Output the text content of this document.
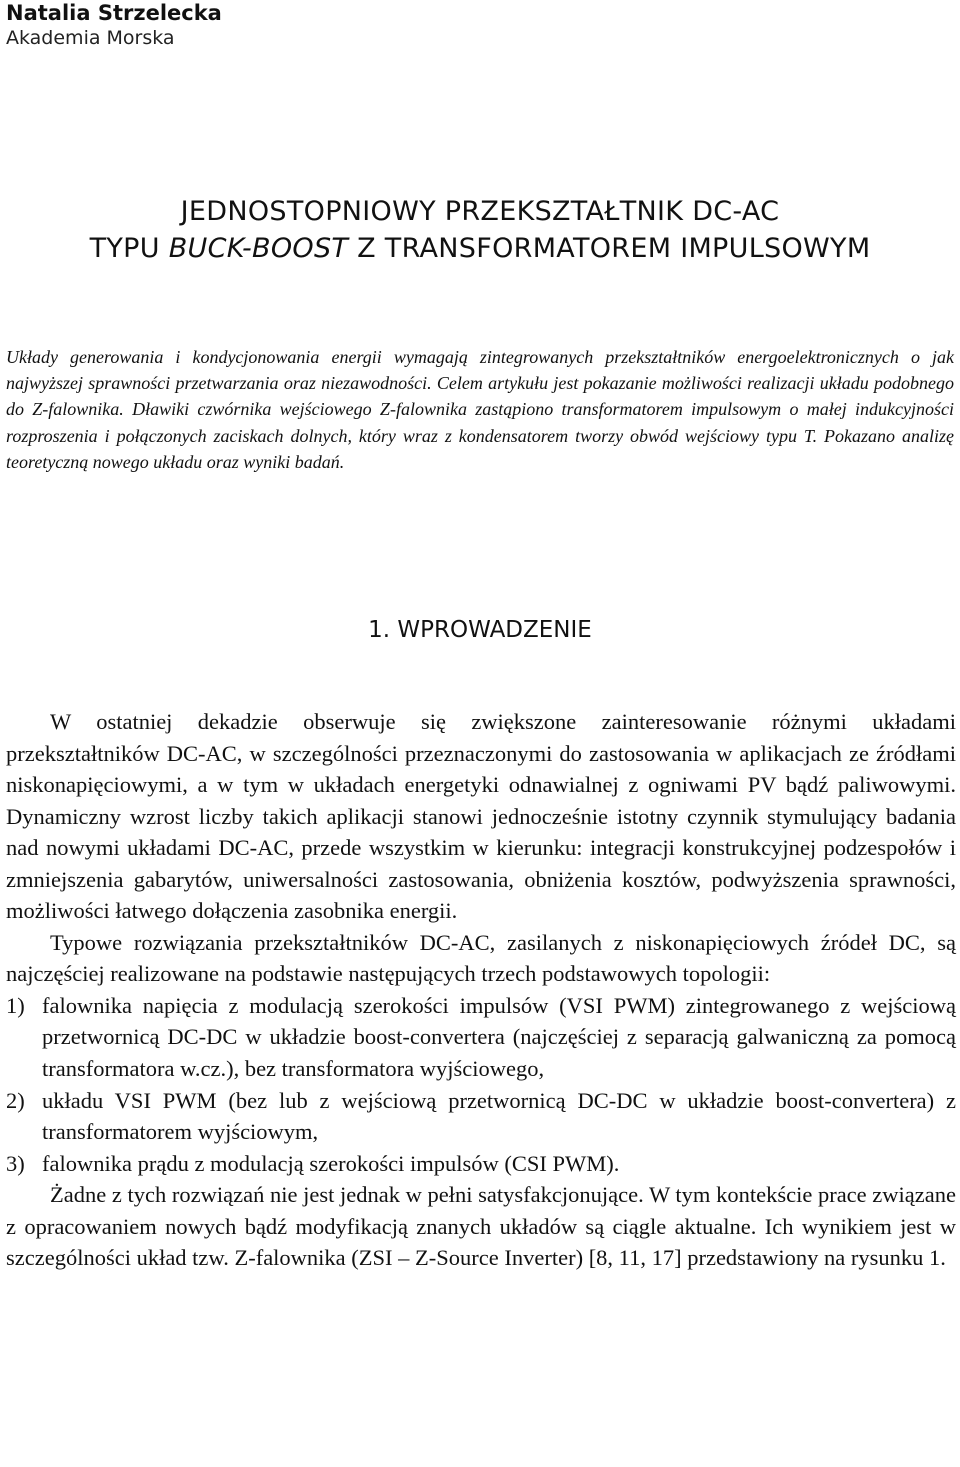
Natalia Strzelecka
Akademia Morska
JEDNOSTOPNIOWY PRZEKSZTAŁTNIK DC-AC
TYPU BUCK-BOOST Z TRANSFORMATOREM IMPULSOWYM
Układy generowania i kondycjonowania energii wymagają zintegrowanych przekształtników energoelektronicznych o jak najwyższej sprawności przetwarzania oraz niezawodności. Celem artykułu jest pokazanie możliwości realizacji układu podobnego do Z-falownika. Dławiki czwórnika wejściowego Z-falownika zastąpiono transformatorem impulsowym o małej indukcyjności rozproszenia i połączonych zaciskach dolnych, który wraz z kondensatorem tworzy obwód wejściowy typu T. Pokazano analizę teoretyczną nowego układu oraz wyniki badań.
1. WPROWADZENIE

W ostatniej dekadzie obserwuje się zwiększone zainteresowanie różnymi układami przekształtników DC-AC, w szczególności przeznaczonymi do zastosowania w aplikacjach ze źródłami niskonapięciowymi, a w tym w układach energetyki odnawialnej z ogniwami PV bądź paliwowymi. Dynamiczny wzrost liczby takich aplikacji stanowi jednocześnie istotny czynnik stymulujący badania nad nowymi układami DC-AC, przede wszystkim w kierunku: integracji konstrukcyjnej podzespołów i zmniejszenia gabarytów, uniwersalności zastosowania, obniżenia kosztów, podwyższenia sprawności, możliwości łatwego dołączenia zasobnika energii.

Typowe rozwiązania przekształtników DC-AC, zasilanych z niskonapięciowych źródeł DC, są najczęściej realizowane na podstawie następujących trzech podstawowych topologii:

1) falownika napięcia z modulacją szerokości impulsów (VSI PWM) zintegrowanego z wejściową przetwornicą DC-DC w układzie boost-convertera (najczęściej z separacją galwaniczną za pomocą transformatora w.cz.), bez transformatora wyjściowego,
2) układu VSI PWM (bez lub z wejściową przetwornicą DC-DC w układzie boost-convertera) z transformatorem wyjściowym,
3) falownika prądu z modulacją szerokości impulsów (CSI PWM).

Żadne z tych rozwiązań nie jest jednak w pełni satysfakcjonujące. W tym kontekście prace związane z opracowaniem nowych bądź modyfikacją znanych układów są ciągle aktualne. Ich wynikiem jest w szczególności układ tzw. Z-falownika (ZSI – Z-Source Inverter) [8, 11, 17] przedstawiony na rysunku 1.
